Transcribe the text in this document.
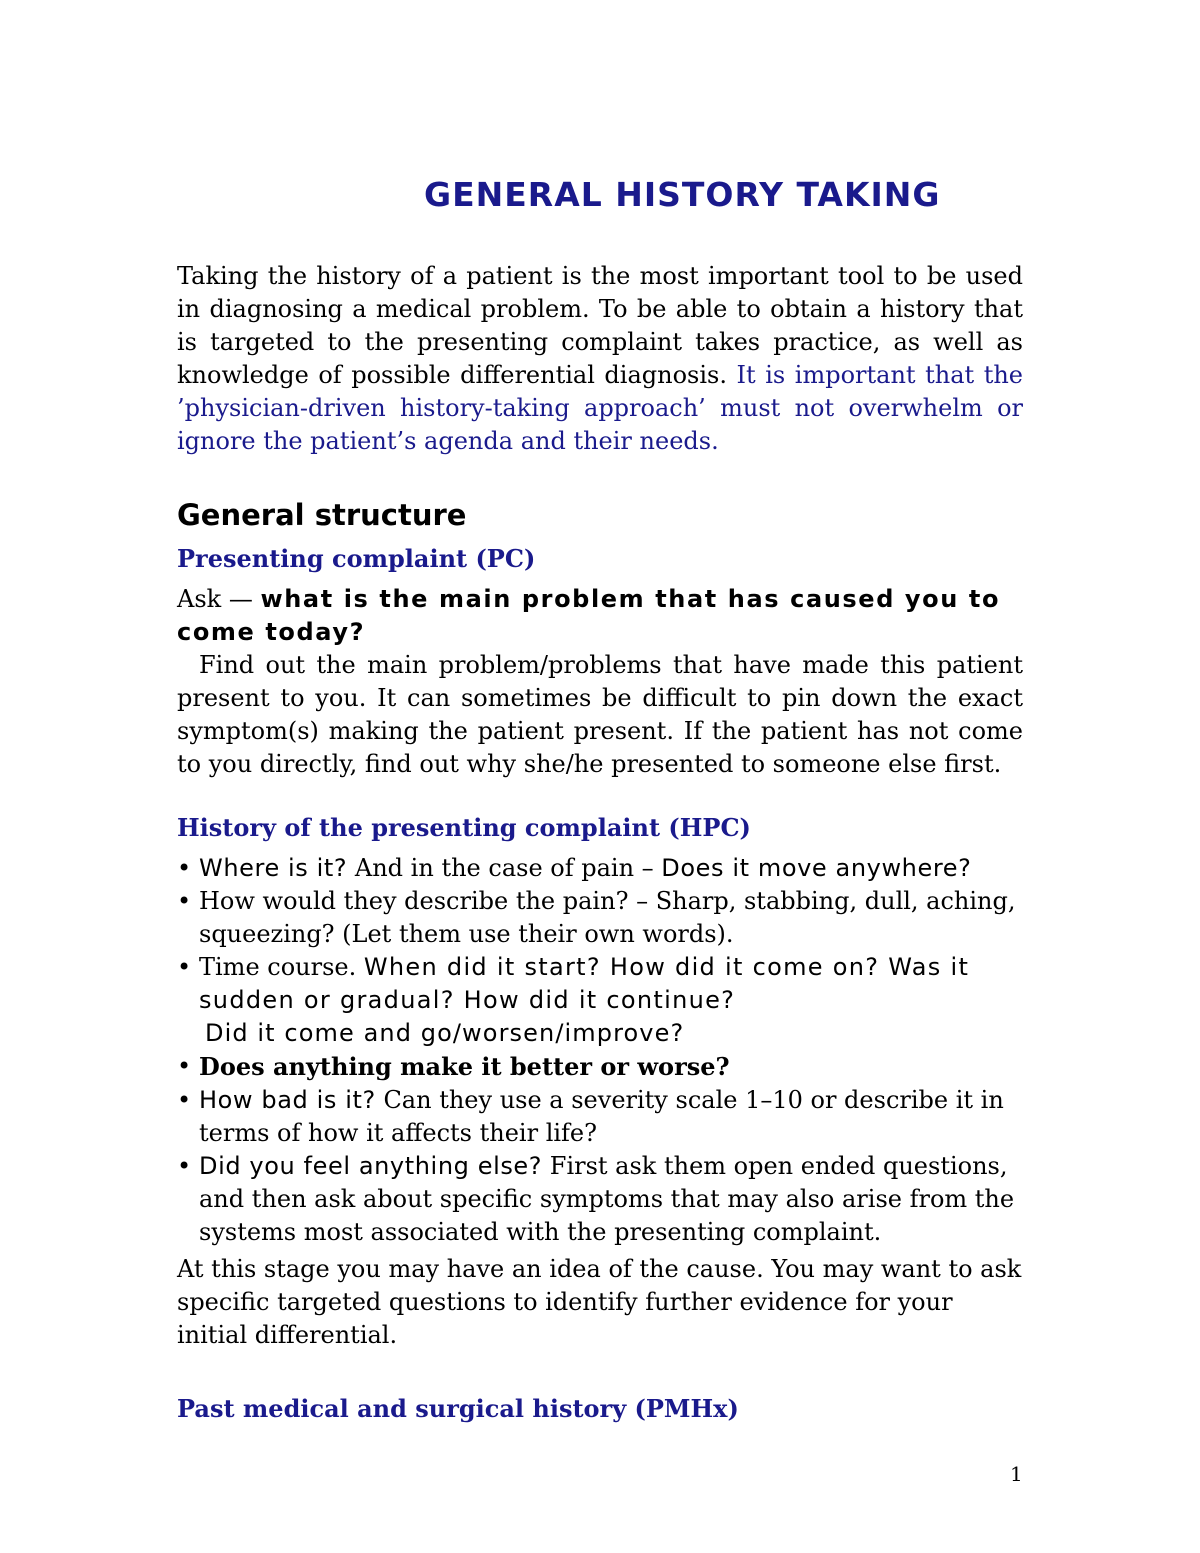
GENERAL HISTORY TAKING

Taking the history of a patient is the most important tool to be used in diagnosing a medical problem. To be able to obtain a history that is targeted to the presenting complaint takes practice, as well as knowledge of possible differential diagnosis. It is important that the ’physician-driven history-taking approach’ must not overwhelm or ignore the patient’s agenda and their needs.

General structure
Presenting complaint (PC)
Ask — what is the main problem that has caused you to come today?
Find out the main problem/problems that have made this patient present to you. It can sometimes be difficult to pin down the exact symptom(s) making the patient present. If the patient has not come to you directly, find out why she/he presented to someone else first.
History of the presenting complaint (HPC)
• Where is it? And in the case of pain – Does it move anywhere?
• How would they describe the pain? – Sharp, stabbing, dull, aching, squeezing? (Let them use their own words).
• Time course. When did it start? How did it come on? Was it sudden or gradual? How did it continue?
Did it come and go/worsen/improve?
• Does anything make it better or worse?
• How bad is it? Can they use a severity scale 1–10 or describe it in terms of how it affects their life?
• Did you feel anything else? First ask them open ended questions, and then ask about specific symptoms that may also arise from the systems most associated with the presenting complaint.
At this stage you may have an idea of the cause. You may want to ask specific targeted questions to identify further evidence for your initial differential.
Past medical and surgical history (PMHx)
1
